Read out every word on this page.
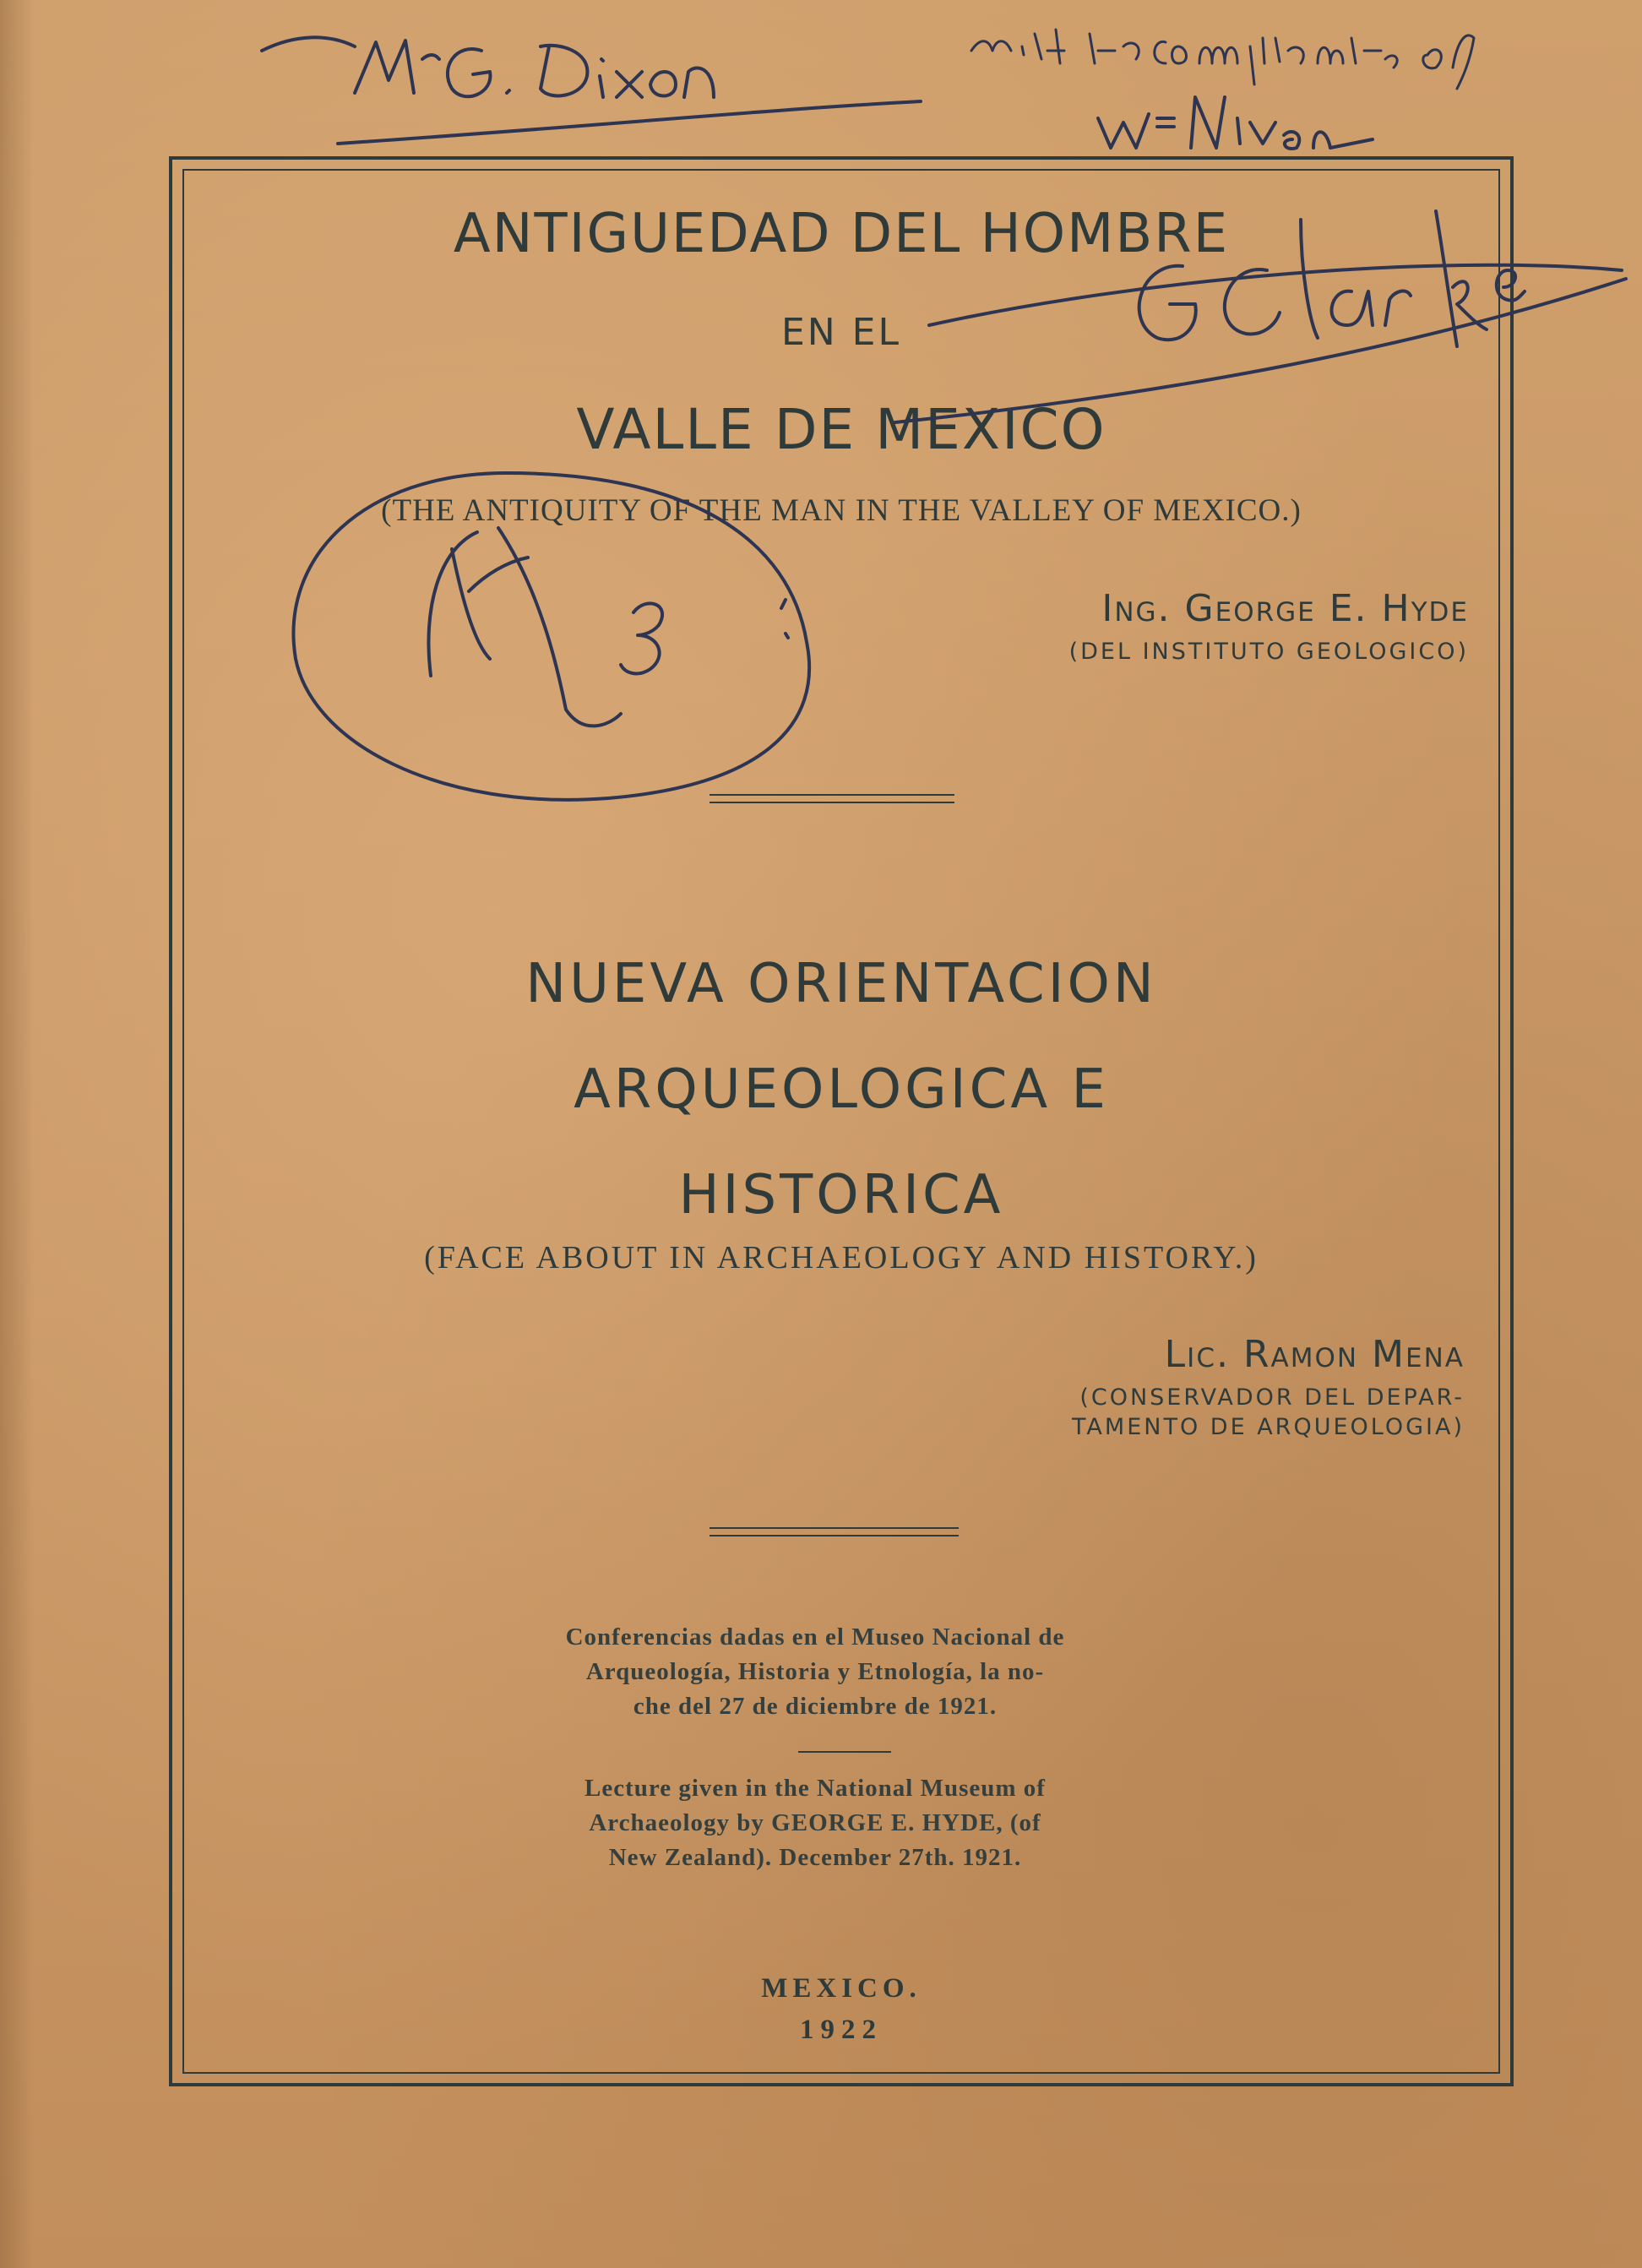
ANTIGUEDAD DEL HOMBRE
EN EL
VALLE DE MEXICO
(THE ANTIQUITY OF THE MAN IN THE VALLEY OF MEXICO.)
Ing. George E. Hyde
(DEL INSTITUTO GEOLOGICO)
NUEVA ORIENTACION
ARQUEOLOGICA E
HISTORICA
(FACE ABOUT IN ARCHAEOLOGY AND HISTORY.)
Lic. Ramon Mena
(CONSERVADOR DEL DEPAR-
TAMENTO DE ARQUEOLOGIA)
Conferencias dadas en el Museo Nacional de
Arqueología, Historia y Etnología, la no-
che del 27 de diciembre de 1921.
Lecture given in the National Museum of
Archaeology by GEORGE E. HYDE, (of
New Zealand). December 27th. 1921.
MEXICO.
1922
